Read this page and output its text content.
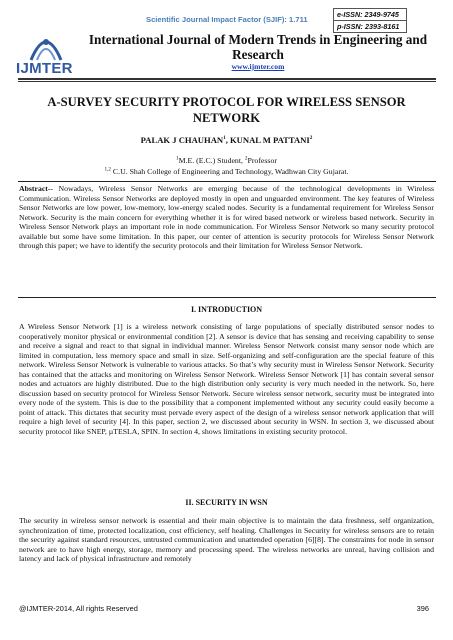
Scientific Journal Impact Factor (SJIF): 1.711
e-ISSN: 2349-9745
p-ISSN: 2393-8161
IJMTER
International Journal of Modern Trends in Engineering and Research
www.ijmter.com
A-SURVEY SECURITY PROTOCOL FOR WIRELESS SENSOR NETWORK
PALAK J CHAUHAN$^1$, KUNAL M PATTANI$^2$
$^1$M.E. (E.C.) Student, $^2$Professor
$^{1,2}$ C.U. Shah College of Engineering and Technology, Wadhwan City Gujarat.
Abstract-- Nowadays, Wireless Sensor Networks are emerging because of the technological developments in Wireless Communication. Wireless Sensor Networks are deployed mostly in open and unguarded environment. The key features of Wireless Sensor Networks are low power, low-memory, low-energy scaled nodes. Security is a fundamental requirement for Wireless Sensor Network. Security is the main concern for everything whether it is for wired based network or wireless based network. Security in Wireless Sensor Network plays an important role in node communication. For Wireless Sensor Network so many security protocol available but some have some limitation. In this paper, our center of attention is security protocols for Wireless Sensor Network through this paper; we have to identify the security protocols and their limitation for Wireless Sensor Network.
I. INTRODUCTION
A Wireless Sensor Network [1] is a wireless network consisting of large populations of specially distributed sensor nodes to cooperatively monitor physical or environmental condition [2]. A sensor is device that has sensing and receiving capability to sense and receive a signal and react to that signal in individual manner. Wireless Sensor Network consist many sensor node which are limited in computation, less memory space and small in size. Self-organizing and self-configuration are the special feature of this network. Wireless Sensor Network is vulnerable to various attacks. So that’s why security must in Wireless Sensor Network. Security has contained that the attacks and monitoring on Wireless Sensor Network. Wireless Sensor Network [1] has contain several sensor nodes and actuators are highly distributed. Due to the high distribution only security is very much needed in the network. So, here discussion based on security protocol for Wireless Sensor Network. Secure wireless sensor network, security must be integrated into every node of the system. This is due to the possibility that a component implemented without any security could easily become a point of attack. This dictates that security must pervade every aspect of the design of a wireless sensor network application that will require a high level of security [4]. In this paper, section 2, we discussed about security in WSN. In section 3, we discussed about security protocol like SNEP, µTESLA, SPIN. In section 4, shows limitations in existing security protocol.
II. SECURITY IN WSN
The security in wireless sensor network is essential and their main objective is to maintain the data freshness, self organization, synchronization of time, protected localization, cost efficiency, self healing. Challenges in Security for wireless sensors are to retain the security against standard resources, untrusted communication and unattended operation [6][8]. The constraints for node in sensor network are to have high energy, storage, memory and processing speed. The wireless networks are unreal, having collision and latency and lack of physical infrastructure and remotely
@IJMTER-2014, All rights Reserved	396
